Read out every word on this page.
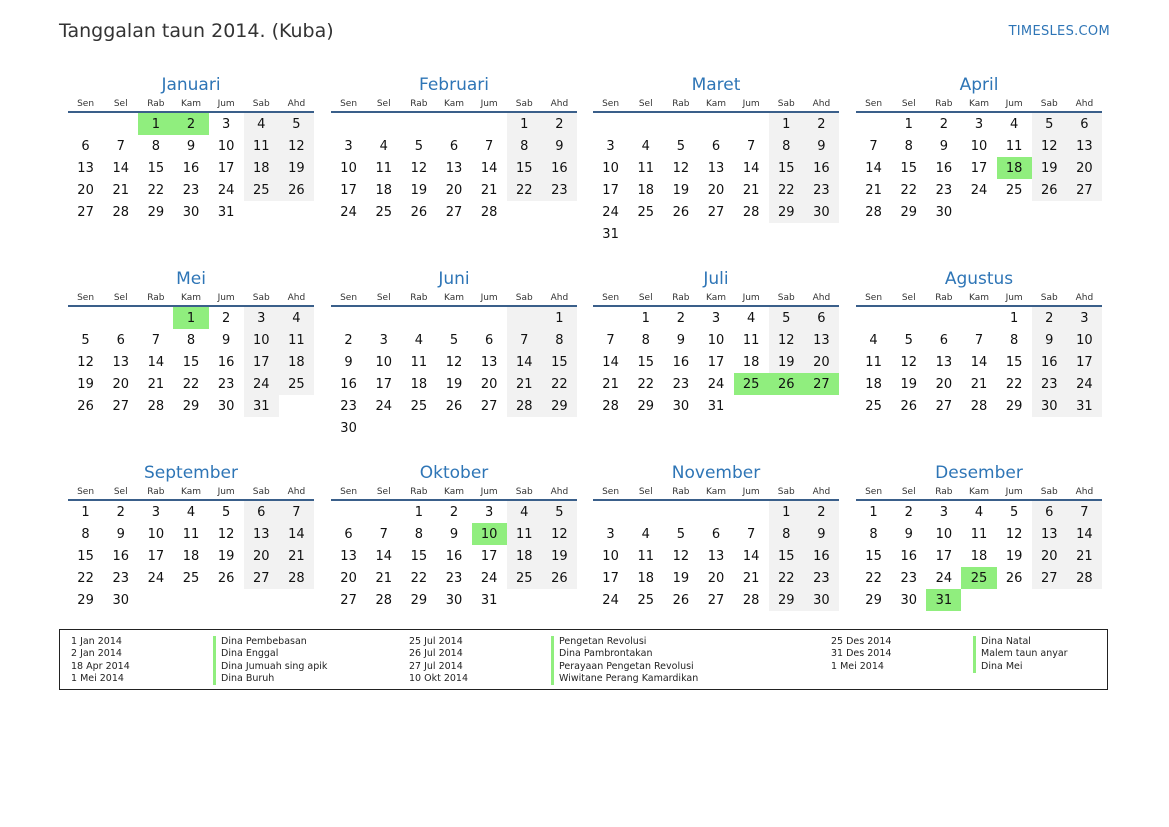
Tanggalan taun 2014. (Kuba)	TIMESLES.COM
Januari
Sen	Sel	Rab	Kam	Jum	Sab	Ahd
		1	2	3	4	5
6	7	8	9	10	11	12
13	14	15	16	17	18	19
20	21	22	23	24	25	26
27	28	29	30	31		
Februari
Sen	Sel	Rab	Kam	Jum	Sab	Ahd
					1	2
3	4	5	6	7	8	9
10	11	12	13	14	15	16
17	18	19	20	21	22	23
24	25	26	27	28		
Maret
Sen	Sel	Rab	Kam	Jum	Sab	Ahd
					1	2
3	4	5	6	7	8	9
10	11	12	13	14	15	16
17	18	19	20	21	22	23
24	25	26	27	28	29	30
31						
April
Sen	Sel	Rab	Kam	Jum	Sab	Ahd
	1	2	3	4	5	6
7	8	9	10	11	12	13
14	15	16	17	18	19	20
21	22	23	24	25	26	27
28	29	30				
Mei
Sen	Sel	Rab	Kam	Jum	Sab	Ahd
			1	2	3	4
5	6	7	8	9	10	11
12	13	14	15	16	17	18
19	20	21	22	23	24	25
26	27	28	29	30	31	
Juni
Sen	Sel	Rab	Kam	Jum	Sab	Ahd
						1
2	3	4	5	6	7	8
9	10	11	12	13	14	15
16	17	18	19	20	21	22
23	24	25	26	27	28	29
30						
Juli
Sen	Sel	Rab	Kam	Jum	Sab	Ahd
	1	2	3	4	5	6
7	8	9	10	11	12	13
14	15	16	17	18	19	20
21	22	23	24	25	26	27
28	29	30	31			
Agustus
Sen	Sel	Rab	Kam	Jum	Sab	Ahd
				1	2	3
4	5	6	7	8	9	10
11	12	13	14	15	16	17
18	19	20	21	22	23	24
25	26	27	28	29	30	31
September
Sen	Sel	Rab	Kam	Jum	Sab	Ahd
1	2	3	4	5	6	7
8	9	10	11	12	13	14
15	16	17	18	19	20	21
22	23	24	25	26	27	28
29	30					
Oktober
Sen	Sel	Rab	Kam	Jum	Sab	Ahd
		1	2	3	4	5
6	7	8	9	10	11	12
13	14	15	16	17	18	19
20	21	22	23	24	25	26
27	28	29	30	31		
November
Sen	Sel	Rab	Kam	Jum	Sab	Ahd
					1	2
3	4	5	6	7	8	9
10	11	12	13	14	15	16
17	18	19	20	21	22	23
24	25	26	27	28	29	30
Desember
Sen	Sel	Rab	Kam	Jum	Sab	Ahd
1	2	3	4	5	6	7
8	9	10	11	12	13	14
15	16	17	18	19	20	21
22	23	24	25	26	27	28
29	30	31				
1 Jan 2014	Dina Pembebasan
2 Jan 2014	Dina Enggal
18 Apr 2014	Dina Jumuah sing apik
1 Mei 2014	Dina Buruh
25 Jul 2014	Pengetan Revolusi
26 Jul 2014	Dina Pambrontakan
27 Jul 2014	Perayaan Pengetan Revolusi
10 Okt 2014	Wiwitane Perang Kamardikan
25 Des 2014	Dina Natal
31 Des 2014	Malem taun anyar
1 Mei 2014	Dina Mei
